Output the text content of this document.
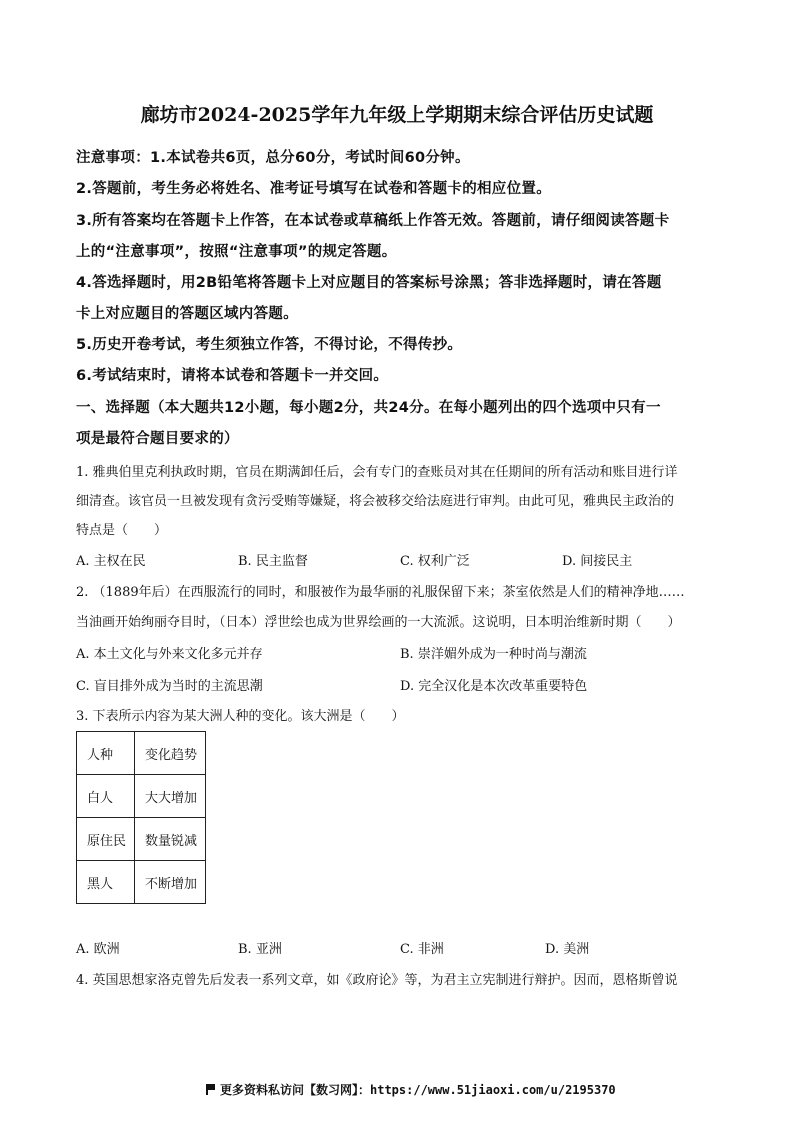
廊坊市2024-2025学年九年级上学期期末综合评估历史试题
注意事项：1.本试卷共6页，总分60分，考试时间60分钟。
2.答题前，考生务必将姓名、准考证号填写在试卷和答题卡的相应位置。
3.所有答案均在答题卡上作答，在本试卷或草稿纸上作答无效。答题前，请仔细阅读答题卡
上的“注意事项”，按照“注意事项”的规定答题。
4.答选择题时，用2B铅笔将答题卡上对应题目的答案标号涂黑；答非选择题时，请在答题
卡上对应题目的答题区域内答题。
5.历史开卷考试，考生须独立作答，不得讨论，不得传抄。
6.考试结束时，请将本试卷和答题卡一并交回。
一、选择题（本大题共12小题，每小题2分，共24分。在每小题列出的四个选项中只有一
项是最符合题目要求的）
1. 雅典伯里克利执政时期，官员在期满卸任后，会有专门的查账员对其在任期间的所有活动和账目进行详
细清查。该官员一旦被发现有贪污受贿等嫌疑，将会被移交给法庭进行审判。由此可见，雅典民主政治的
特点是（　　）
A. 主权在民	B. 民主监督	C. 权利广泛	D. 间接民主
2. （1889年后）在西服流行的同时，和服被作为最华丽的礼服保留下来；茶室依然是人们的精神净地……
当油画开始绚丽夺目时，（日本）浮世绘也成为世界绘画的一大流派。这说明，日本明治维新时期（　　）
A. 本土文化与外来文化多元并存	B. 崇洋媚外成为一种时尚与潮流
C. 盲目排外成为当时的主流思潮	D. 完全汉化是本次改革重要特色
3. 下表所示内容为某大洲人种的变化。该大洲是（　　）
人种	变化趋势
白人	大大增加
原住民	数量锐减
黑人	不断增加
A. 欧洲	B. 亚洲	C. 非洲	D. 美洲
4. 英国思想家洛克曾先后发表一系列文章，如《政府论》等，为君主立宪制进行辩护。因而，恩格斯曾说
更多资料私访问【数习网】：https://www.51jiaoxi.com/u/2195370
